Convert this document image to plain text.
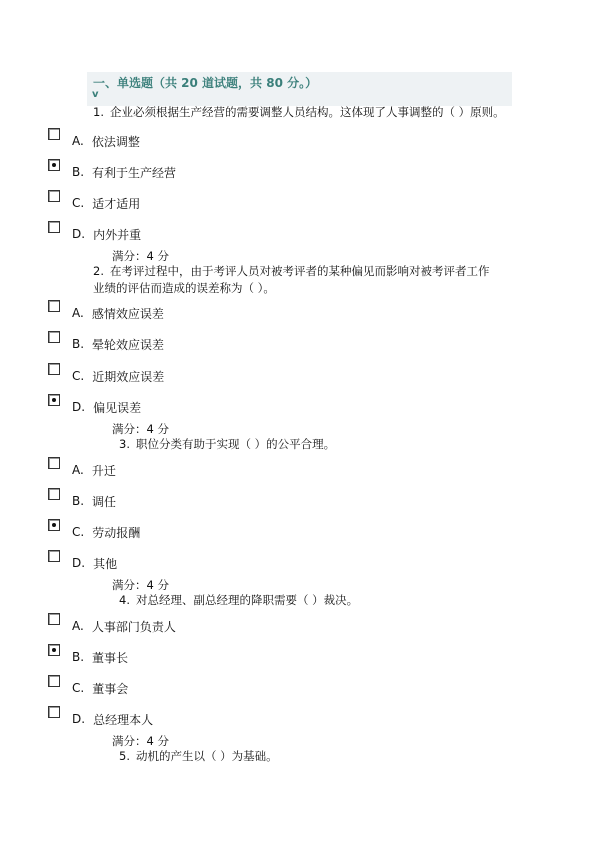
一、单选题（共 20 道试题，共 80 分。）
v
1. 企业必须根据生产经营的需要调整人员结构。这体现了人事调整的（ ）原则。
A. 依法调整
B. 有利于生产经营
C. 适才适用
D. 内外并重
满分：4 分
2. 在考评过程中，由于考评人员对被考评者的某种偏见而影响对被考评者工作
业绩的评估而造成的误差称为（ ）。
A. 感情效应误差
B. 晕轮效应误差
C. 近期效应误差
D. 偏见误差
满分：4 分
3. 职位分类有助于实现（ ）的公平合理。
A. 升迁
B. 调任
C. 劳动报酬
D. 其他
满分：4 分
4. 对总经理、副总经理的降职需要（ ）裁决。
A. 人事部门负责人
B. 董事长
C. 董事会
D. 总经理本人
满分：4 分
5. 动机的产生以（ ）为基础。
